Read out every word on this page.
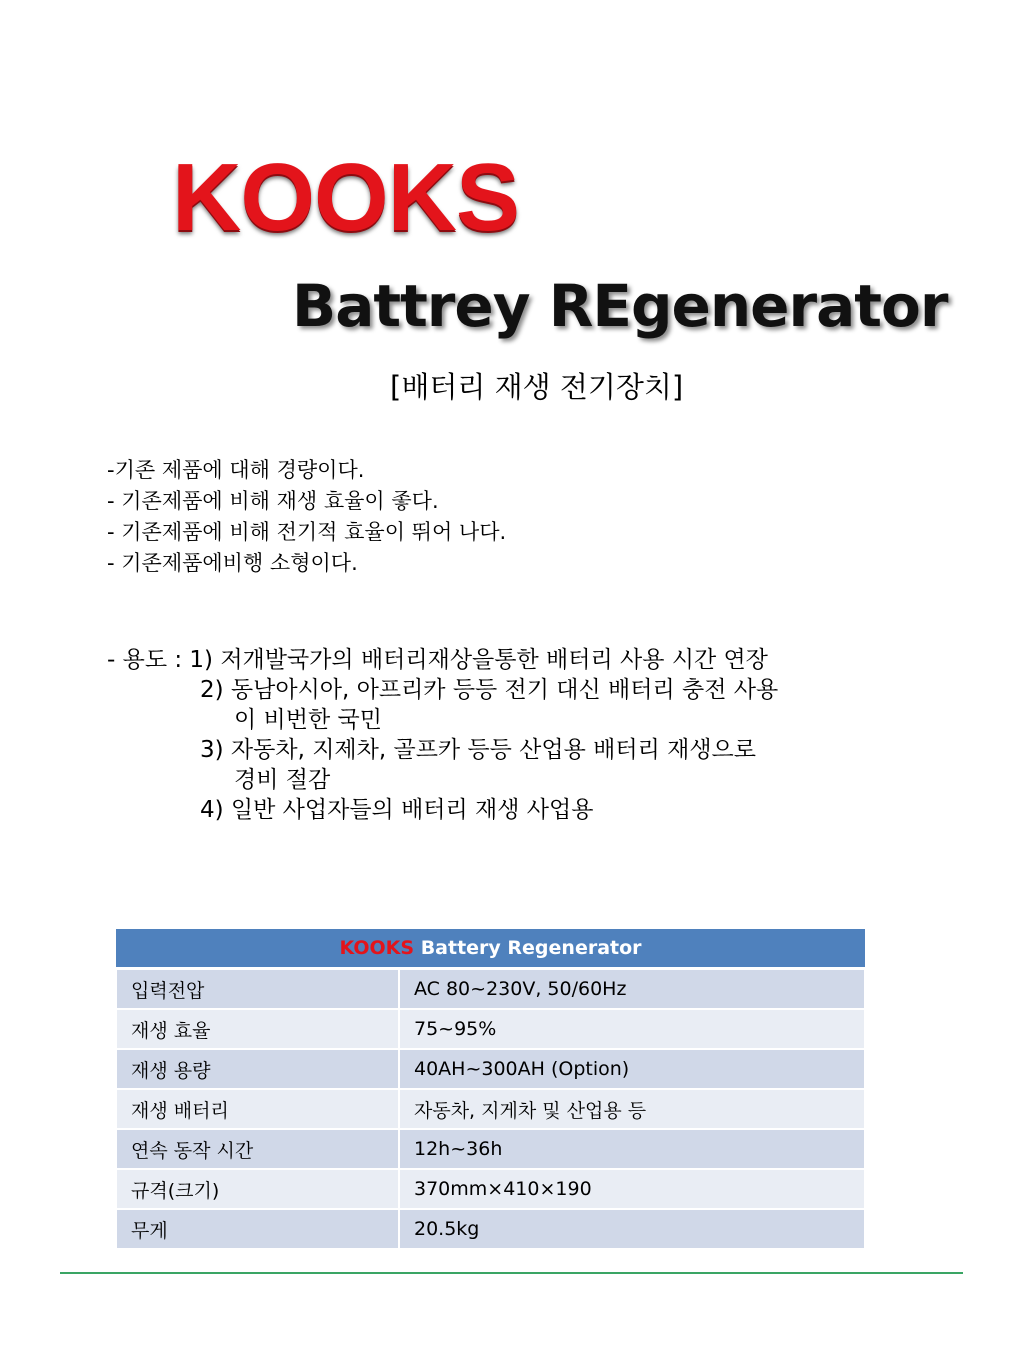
KOOKS
Battrey REgenerator

[배터리 재생 전기장치]

-기존 제품에 대해 경량이다.
- 기존제품에 비해 재생 효율이 좋다.
- 기존제품에 비해 전기적 효율이 뛰어 나다.
- 기존제품에비행 소형이다.
- 용도 : 1) 저개발국가의 배터리재상을통한 배터리 사용 시간 연장
2) 동남아시아, 아프리카 등등 전기 대신 배터리 충전 사용
이 비번한 국민
3) 자동차, 지제차, 골프카 등등 산업용 배터리 재생으로
경비 절감
4) 일반 사업자들의 배터리 재생 사업용
KOOKS Battery Regenerator	
입력전압	AC 80~230V, 50/60Hz
재생 효율	75~95%
재생 용량	40AH~300AH (Option)
재생 배터리	자동차, 지게차 및 산업용 등
연속 동작 시간	12h~36h
규격(크기)	370mm×410×190
무게	20.5kg
